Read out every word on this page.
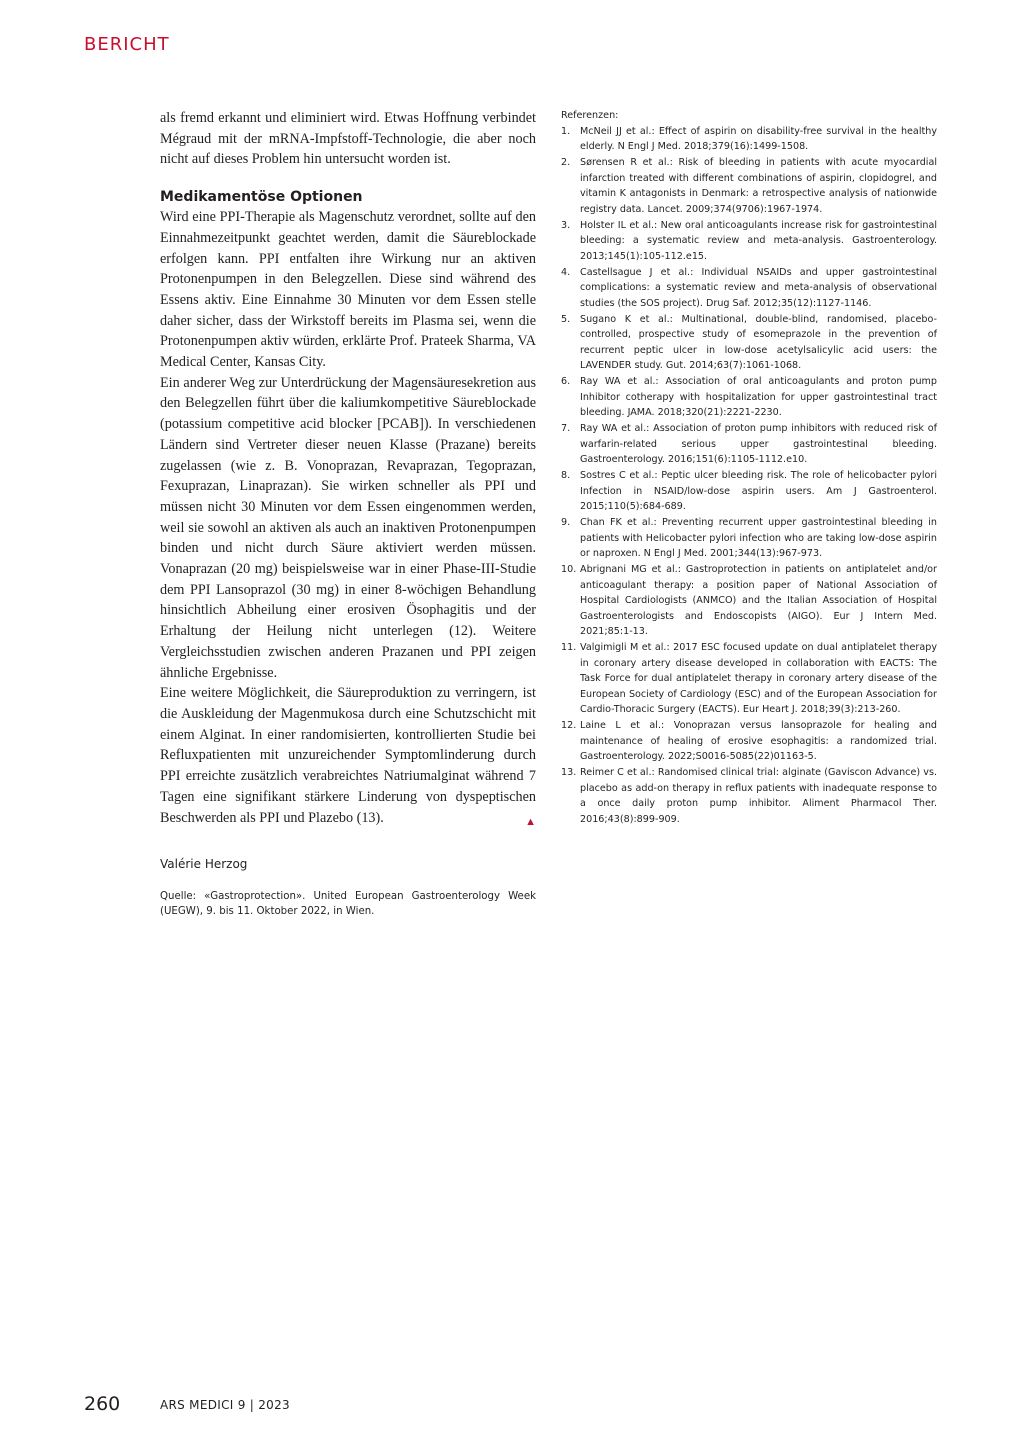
BERICHT

als fremd erkannt und eliminiert wird. Etwas Hoffnung verbindet Mégraud mit der mRNA-Impfstoff-Technologie, die aber noch nicht auf dieses Problem hin untersucht worden ist.

Medikamentöse Optionen

Wird eine PPI-Therapie als Magenschutz verordnet, sollte auf den Einnahmezeitpunkt geachtet werden, damit die Säureblockade erfolgen kann. PPI entfalten ihre Wirkung nur an aktiven Protonenpumpen in den Belegzellen. Diese sind während des Essens aktiv. Eine Einnahme 30 Minuten vor dem Essen stelle daher sicher, dass der Wirkstoff bereits im Plasma sei, wenn die Protonenpumpen aktiv würden, erklärte Prof. Prateek Sharma, VA Medical Center, Kansas City.

Ein anderer Weg zur Unterdrückung der Magensäuresekretion aus den Belegzellen führt über die kaliumkompetitive Säureblockade (potassium competitive acid blocker [PCAB]). In verschiedenen Ländern sind Vertreter dieser neuen Klasse (Prazane) bereits zugelassen (wie z. B. Vonoprazan, Revaprazan, Tegoprazan, Fexuprazan, Linaprazan). Sie wirken schneller als PPI und müssen nicht 30 Minuten vor dem Essen eingenommen werden, weil sie sowohl an aktiven als auch an inaktiven Protonenpumpen binden und nicht durch Säure aktiviert werden müssen. Vonaprazan (20 mg) beispielsweise war in einer Phase-III-Studie dem PPI Lansoprazol (30 mg) in einer 8-wöchigen Behandlung hinsichtlich Abheilung einer erosiven Ösophagitis und der Erhaltung der Heilung nicht unterlegen (12). Weitere Vergleichsstudien zwischen anderen Prazanen und PPI zeigen ähnliche Ergebnisse.

Eine weitere Möglichkeit, die Säureproduktion zu verringern, ist die Auskleidung der Magenmukosa durch eine Schutzschicht mit einem Alginat. In einer randomisierten, kontrollierten Studie bei Refluxpatienten mit unzureichender Symptomlinderung durch PPI erreichte zusätzlich verabreichtes Natriumalginat während 7 Tagen eine signifikant stärkere Linderung von dyspeptischen Beschwerden als PPI und Plazebo (13).	▲

Valérie Herzog

Quelle: «Gastroprotection». United European Gastroenterology Week (UEGW), 9. bis 11. Oktober 2022, in Wien.

Referenzen:

1.	McNeil JJ et al.: Effect of aspirin on disability-free survival in the healthy elderly. N Engl J Med. 2018;379(16):1499-1508.
2.	Sørensen R et al.: Risk of bleeding in patients with acute myocardial infarction treated with different combinations of aspirin, clopidogrel, and vitamin K antagonists in Denmark: a retrospective analysis of nationwide registry data. Lancet. 2009;374(9706):1967-1974.
3.	Holster IL et al.: New oral anticoagulants increase risk for gastrointestinal bleeding: a systematic review and meta-analysis. Gastroenterology. 2013;145(1):105-112.e15.
4.	Castellsague J et al.: Individual NSAIDs and upper gastrointestinal complications: a systematic review and meta-analysis of observational studies (the SOS project). Drug Saf. 2012;35(12):1127-1146.
5.	Sugano K et al.: Multinational, double-blind, randomised, placebo-controlled, prospective study of esomeprazole in the prevention of recurrent peptic ulcer in low-dose acetylsalicylic acid users: the LAVENDER study. Gut. 2014;63(7):1061-1068.
6.	Ray WA et al.: Association of oral anticoagulants and proton pump Inhibitor cotherapy with hospitalization for upper gastrointestinal tract bleeding. JAMA. 2018;320(21):2221-2230.
7.	Ray WA et al.: Association of proton pump inhibitors with reduced risk of warfarin-related serious upper gastrointestinal bleeding. Gastroenterology. 2016;151(6):1105-1112.e10.
8.	Sostres C et al.: Peptic ulcer bleeding risk. The role of helicobacter pylori Infection in NSAID/low-dose aspirin users. Am J Gastroenterol. 2015;110(5):684-689.
9.	Chan FK et al.: Preventing recurrent upper gastrointestinal bleeding in patients with Helicobacter pylori infection who are taking low-dose aspirin or naproxen. N Engl J Med. 2001;344(13):967-973.
10. Abrignani MG et al.: Gastroprotection in patients on antiplatelet and/or anticoagulant therapy: a position paper of National Association of Hospital Cardiologists (ANMCO) and the Italian Association of Hospital Gastroenterologists and Endoscopists (AIGO). Eur J Intern Med. 2021;85:1-13.
11. Valgimigli M et al.: 2017 ESC focused update on dual antiplatelet therapy in coronary artery disease developed in collaboration with EACTS: The Task Force for dual antiplatelet therapy in coronary artery disease of the European Society of Cardiology (ESC) and of the European Association for Cardio-Thoracic Surgery (EACTS). Eur Heart J. 2018;39(3):213-260.
12. Laine L et al.: Vonoprazan versus lansoprazole for healing and maintenance of healing of erosive esophagitis: a randomized trial. Gastroenterology. 2022;S0016-5085(22)01163-5.
13. Reimer C et al.: Randomised clinical trial: alginate (Gaviscon Advance) vs. placebo as add-on therapy in reflux patients with inadequate response to a once daily proton pump inhibitor. Aliment Pharmacol Ther. 2016;43(8):899-909.
260	ARS MEDICI 9 | 2023
